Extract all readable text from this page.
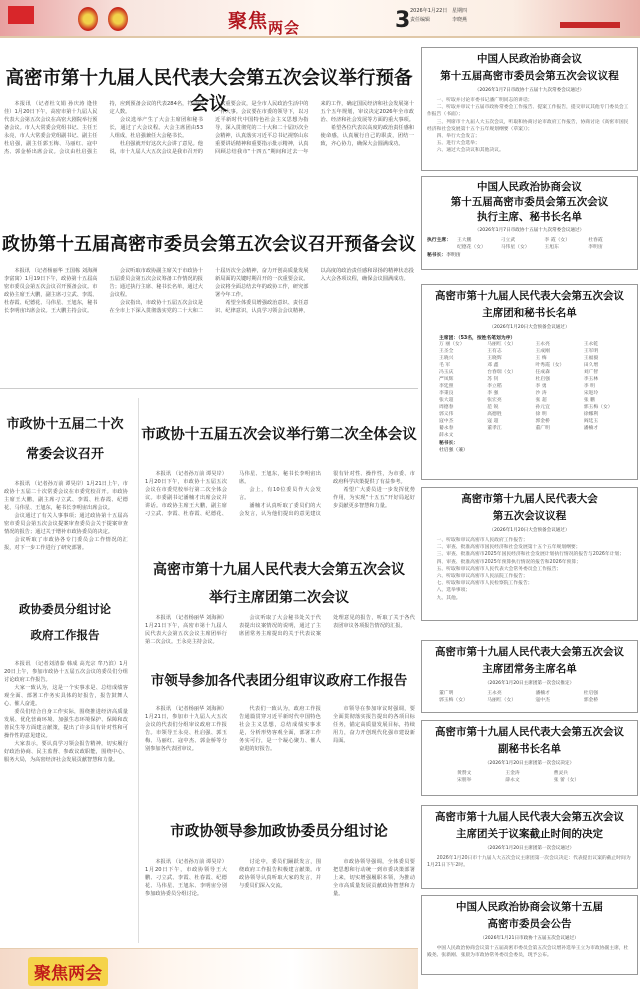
聚焦$_{两会}$	3 2026年1月22日
责任编辑
星期四
李晓燕
高密市第十九届人民代表大会第五次会议举行预备会议

本报讯 （记者杜文娟 孙庆涛 逄佳佳）1月20日下午，高密市第十九届人民代表大会第五次会议在高密大剧院举行预备会议。市人大常委会党组书记、主任王永亮，市人大常委会党组副书记、副主任杜启强，副主任郭玉梅、马丽红、寇中杰、郭金桥出席会议。会议由杜启强主持，应到预备会议的代表284名，符合法定人数。

会议选举产生了大会主席团和秘书长，通过了大会议程。大会主席团由53人组成，杜启强兼任大会秘书长。

杜启强就开好这次大会讲了意见。他说，市十九届人大五次会议是我市召开的一次重要会议，是全市人民政治生活中的一件大事。会议要在市委的领导下，以习近平新时代中国特色社会主义思想为指导，深入贯彻党的二十大和二十届历次全会精神，认真落实习近平总书记视察山东重要讲话精神和重要指示批示精神，认真回顾总结我市“十四五”期间和过去一年来的工作，确定国民经济和社会发展第十五个五年规划，审议决定2026年全市政治、经济和社会发展等方面的重大事项。

希望各位代表以高度的政治责任感和使命感，认真履行自己的职责，团结一致，齐心协力，确保大会圆满成功。

政协第十五届高密市委员会第五次会议召开预备会议

本报讯 （记者杨丽华 王国栋 刘海洲 李富寓）1月19日下午，政协第十五届高密市委员会第五次会议召开预备会议。市政协主席王大鹏，副主席刁立武、李霞、杜春霞、纪德花、马伟星、王旭东，秘书长李明宙出席会议。王大鹏主持会议。

会议听取市政协副主席关于市政协十五届委员会第五次会议筹备工作情况的报告；通过执行主席、秘书长名单，通过大会议程。

会议指出，市政协十五届五次会议是在全市上下深入贯彻落实党的二十大和二十届历次全会精神，奋力开创高质量发展新局面的关键时期召开的一次重要会议。会议将全面总结去年的政协工作，研究部署今年工作。

希望全体委员增强政治意识、责任意识、纪律意识，认真学习领会会议精神，以高度的政治责任感和昂扬的精神状态投入大会各项议程，确保会议圆满成功。

市政协十五届二十次
常委会议召开

本报讯 （记者孙万前 谭昊岸）1月21日上午，市政协十五届二十次常委会议在市委党校召开。市政协主席王大鹏，副主席刁立武、李霞、杜春霞、纪德花、马伟星、王旭东，秘书长李明宙出席会议。

会议通过了有关人事事项；通过政协第十五届高密市委员会第五次会议提案审查委员会关于提案审查情况的报告；通过关于增补市政协委员的决定。

会议听取了市政协各专门委员会工作情况的汇报，对下一步工作进行了研究部署。

市政协十五届五次会议举行第二次全体会议

本报讯 （记者孙万前 谭昊岸）1月20日下午，市政协十五届五次会议在市委党校举行第二次全体会议。市委副书记潘楠才出席会议并讲话。市政协主席王大鹏，副主席刁立武、李霞、杜春霞、纪德花、马伟星、王旭东，秘书长李明宙出席。

会上，有10位委员作大会发言。

潘楠才认真听取了委员们的大会发言，认为他们提出的意见建议很有针对性、操作性，为市委、市政府科学决策提供了有益参考。

希望广大委员进一步发挥优势作用，为实现“十五五”开好局起好步贡献更多智慧和力量。

高密市第十九届人民代表大会第五次会议
举行主席团第二次会议

本报讯 （记者杨丽华 刘海洲）1月21日下午，高密市第十九届人民代表大会第五次会议主席团举行第二次会议。王永亮主持会议。

会议听取了大会秘书处关于代表提出议案情况的说明，通过了主席团常务主席提出的关于代表议案处理意见的报告，听取了关于各代表团审议各项报告情况的汇报。

政协委员分组讨论
政府工作报告

本报讯 （记者刘清泰 韩成 高光宗 牟乃滨）1月20日上午，参加市政协十五届五次会议的委员们分组讨论政府工作报告。

大家一致认为，这是一个实事求是、总结成绩客观全面、部署工作务实具体的好报告，报告鼓舞人心、催人奋进。

委员们结合自身工作实际，围绕推进经济高质量发展、优化营商环境、加强生态环境保护、保障和改善民生等方面建言献策，提出了许多具有针对性和可操作性的意见建议。

大家表示，要认真学习领会报告精神，切实履行好政治协商、民主监督、参政议政职能，围绕中心、服务大局，为高密经济社会发展贡献智慧和力量。

市领导参加各代表团分组审议政府工作报告

本报讯 （记者杨丽华 刘海洲）1月21日，参加市十九届人大五次会议的代表们分组审议政府工作报告。市领导王永亮、杜启强、郭玉梅、马丽红、寇中杰、郭金桥等分别参加各代表团审议。

代表们一致认为，政府工作报告通篇贯穿习近平新时代中国特色社会主义思想，总结成绩实事求是，分析形势客观全面，部署工作务实可行，是一个凝心聚力、催人奋进的好报告。

市领导在参加审议时强调，要全面贯彻落实报告提出的各项目标任务，锚定高质量发展目标，持续用力，奋力开创现代化强市建设新局面。

市政协领导参加政协委员分组讨论

本报讯 （记者孙万前 谭昊岸）1月20日下午，市政协领导王大鹏、刁立武、李霞、杜春霞、纪德花、马伟星、王旭东、李明宙分别参加政协委员分组讨论。

讨论中，委员们踊跃发言，围绕政府工作报告积极建言献策。市政协领导认真听取大家的发言，并与委员们深入交流。

市政协领导强调，全体委员要把思想和行动统一到市委决策部署上来，切实增强履职本领，为推动全市高质量发展贡献政协智慧和力量。

中国人民政治协商会议
第十五届高密市委员会第五次会议议程
（2026年1月7日市政协十五届十九次常委会议通过）

一、听取并讨论市委书记潘广明同志的讲话；

二、听取并审议十五届市政协常委会工作报告、提案工作报告，提交审议其他专门委员会工作报告（书面）；

三、列席市十九届人大五次会议，听取和协商讨论市政府工作报告，协商讨论《高密市国民经济和社会发展第十五个五年规划纲要（草案）》；

四、举行大会发言；

五、进行大会选举；

六、通过大会决议和其他决议。

中国人民政治协商会议
第十五届高密市委员会第五次会议
执行主席、秘书长名单
（2026年1月7日市政协十五届十九次常委会议通过）
执行主席：	王大鹏	刁立武	李 霞（女）	杜春霞
纪德花（女）	马伟星（女）	王旭东	李明宙
秘书长：李明宙
高密市第十九届人民代表大会第五次会议
主席团和秘书长名单
（2026年1月20日大会预备会议通过）
主席团：（53名，按姓名笔划为序）
万 丽（女）	马丽红（女）	王永亮	王永乾
王圣全	王有志	王成刚	王军明
王晓兴	王晓辉	王 梅	王福毅
毛 军	邓 鑫	叶秀霞（女）	田久增
冯玉庆	台春瑞（女）	任成森	刘广智
严凤辉	苏 钊	杜启强	李玉林
李廷照	李立稻	李 勇	李 明
李秉良	李 强	沙 涛	宋进玲
张大超	张宏亮	张 超	张 鹏
周德春	范 锐	孙元宜	郭玉梅（女）
郭义伟	高德胜	徐 明	徐娜利
寇中杰	寇 超	郭金桥	阎廷玉
綦永春	董孝江	董广明	潘楠才
薛永文
秘书长：
杜启强（兼）
高密市第十九届人民代表大会
第五次会议议程
（2026年1月20日大会预备会议通过）

一、听取和审议高密市人民政府工作报告；

二、审查、批准高密市国民经济和社会发展第十五个五年规划纲要；

三、审查、批准高密市2025年国民经济和社会发展计划执行情况的报告与2026年计划；

四、审查、批准高密市2025年预算执行情况的报告和2026年预算；

五、听取和审议高密市人民代表大会常务委员会工作报告；

六、听取和审议高密市人民法院工作报告；

七、听取和审议高密市人民检察院工作报告；

八、选举事项；

九、其他。

高密市第十九届人民代表大会第五次会议
主席团常务主席名单
（2026年1月20日主席团第一次会议推定）
董广明	王永亮	潘楠才	杜启强
郭玉梅（女）	马丽红（女）	寇中杰	郭金桥
高密市第十九届人民代表大会第五次会议
副秘书长名单
（2026年1月20日主席团第一次会议决定）
黄赞文	王金涛	曹灵兵
宋朋举	薛永文	张 蕾（女）
高密市第十九届人民代表大会第五次会议
主席团关于议案截止时间的决定
（2026年1月20日主席团第一次会议通过）

2026年1月20日市十九届人大五次会议主席团第一次会议决定：代表提出议案的截止时间为1月21日下午2时。

中国人民政治协商会议第十五届
高密市委员会公告
（2026年1月21日市政协十五届五次会议通过）

中国人民政治协商会议第十五届高密市委员会第五次会议增补选举王立为市政协副主席，杜殿尧、张新刚、张晨为市政协常务委员会委员，现予公布。

聚焦两会
